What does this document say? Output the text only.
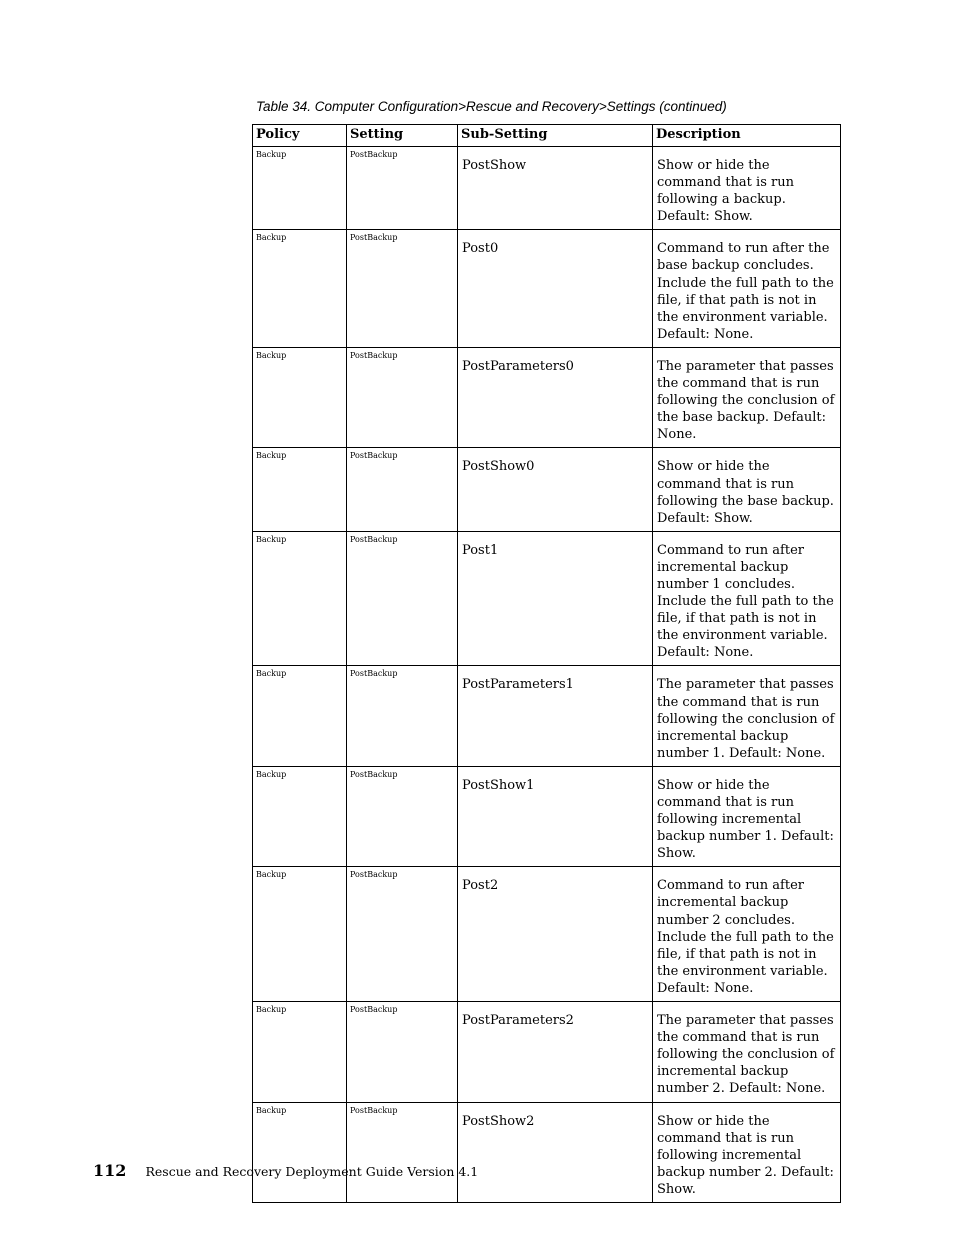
Table 34. Computer Configuration>Rescue and Recovery>Settings (continued)
Policy	Setting	Sub-Setting	Description
Backup	PostBackup	PostShow	Show or hide the command that is run following a backup. Default: Show.
Backup	PostBackup	Post0	Command to run after the base backup concludes. Include the full path to the file, if that path is not in the environment variable. Default: None.
Backup	PostBackup	PostParameters0	The parameter that passes the command that is run following the conclusion of the base backup. Default: None.
Backup	PostBackup	PostShow0	Show or hide the command that is run following the base backup. Default: Show.
Backup	PostBackup	Post1	Command to run after incremental backup number 1 concludes. Include the full path to the file, if that path is not in the environment variable. Default: None.
Backup	PostBackup	PostParameters1	The parameter that passes the command that is run following the conclusion of incremental backup number 1. Default: None.
Backup	PostBackup	PostShow1	Show or hide the command that is run following incremental backup number 1. Default: Show.
Backup	PostBackup	Post2	Command to run after incremental backup number 2 concludes. Include the full path to the file, if that path is not in the environment variable. Default: None.
Backup	PostBackup	PostParameters2	The parameter that passes the command that is run following the conclusion of incremental backup number 2. Default: None.
Backup	PostBackup	PostShow2	Show or hide the command that is run following incremental backup number 2. Default: Show.
112 Rescue and Recovery Deployment Guide Version 4.1
